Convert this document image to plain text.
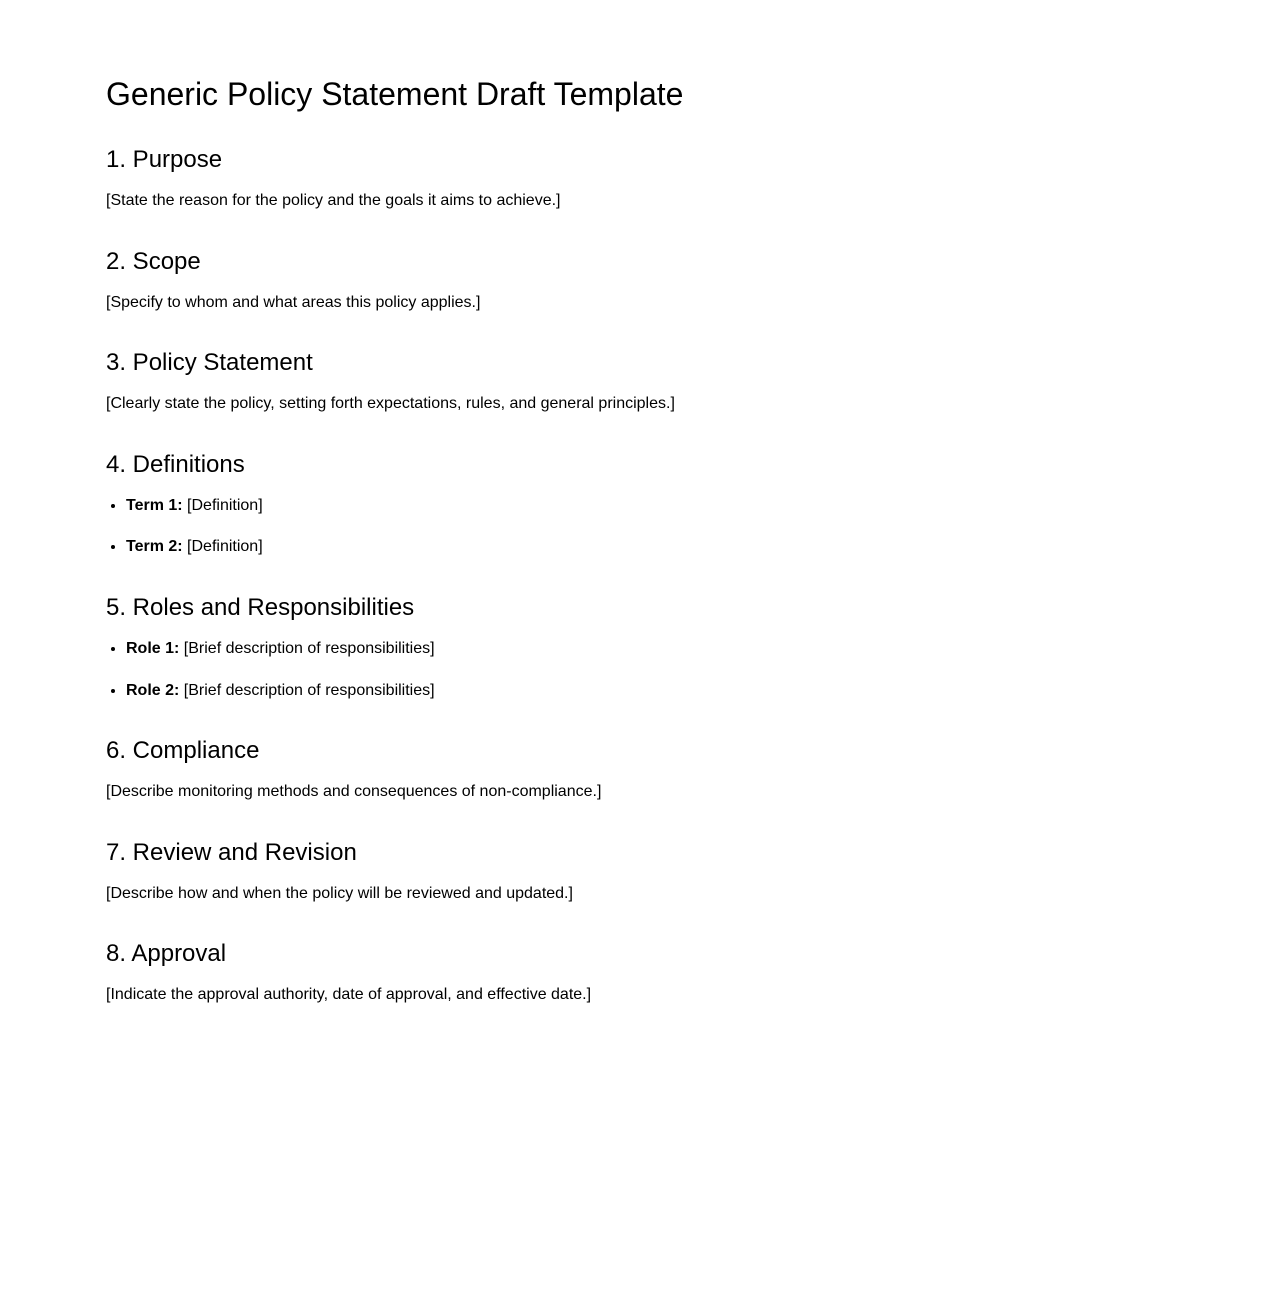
Generic Policy Statement Draft Template
1. Purpose

[State the reason for the policy and the goals it aims to achieve.]

2. Scope

[Specify to whom and what areas this policy applies.]

3. Policy Statement

[Clearly state the policy, setting forth expectations, rules, and general principles.]

4. Definitions
• Term 1: [Definition]
• Term 2: [Definition]
5. Roles and Responsibilities
• Role 1: [Brief description of responsibilities]
• Role 2: [Brief description of responsibilities]
6. Compliance

[Describe monitoring methods and consequences of non-compliance.]

7. Review and Revision

[Describe how and when the policy will be reviewed and updated.]

8. Approval

[Indicate the approval authority, date of approval, and effective date.]
